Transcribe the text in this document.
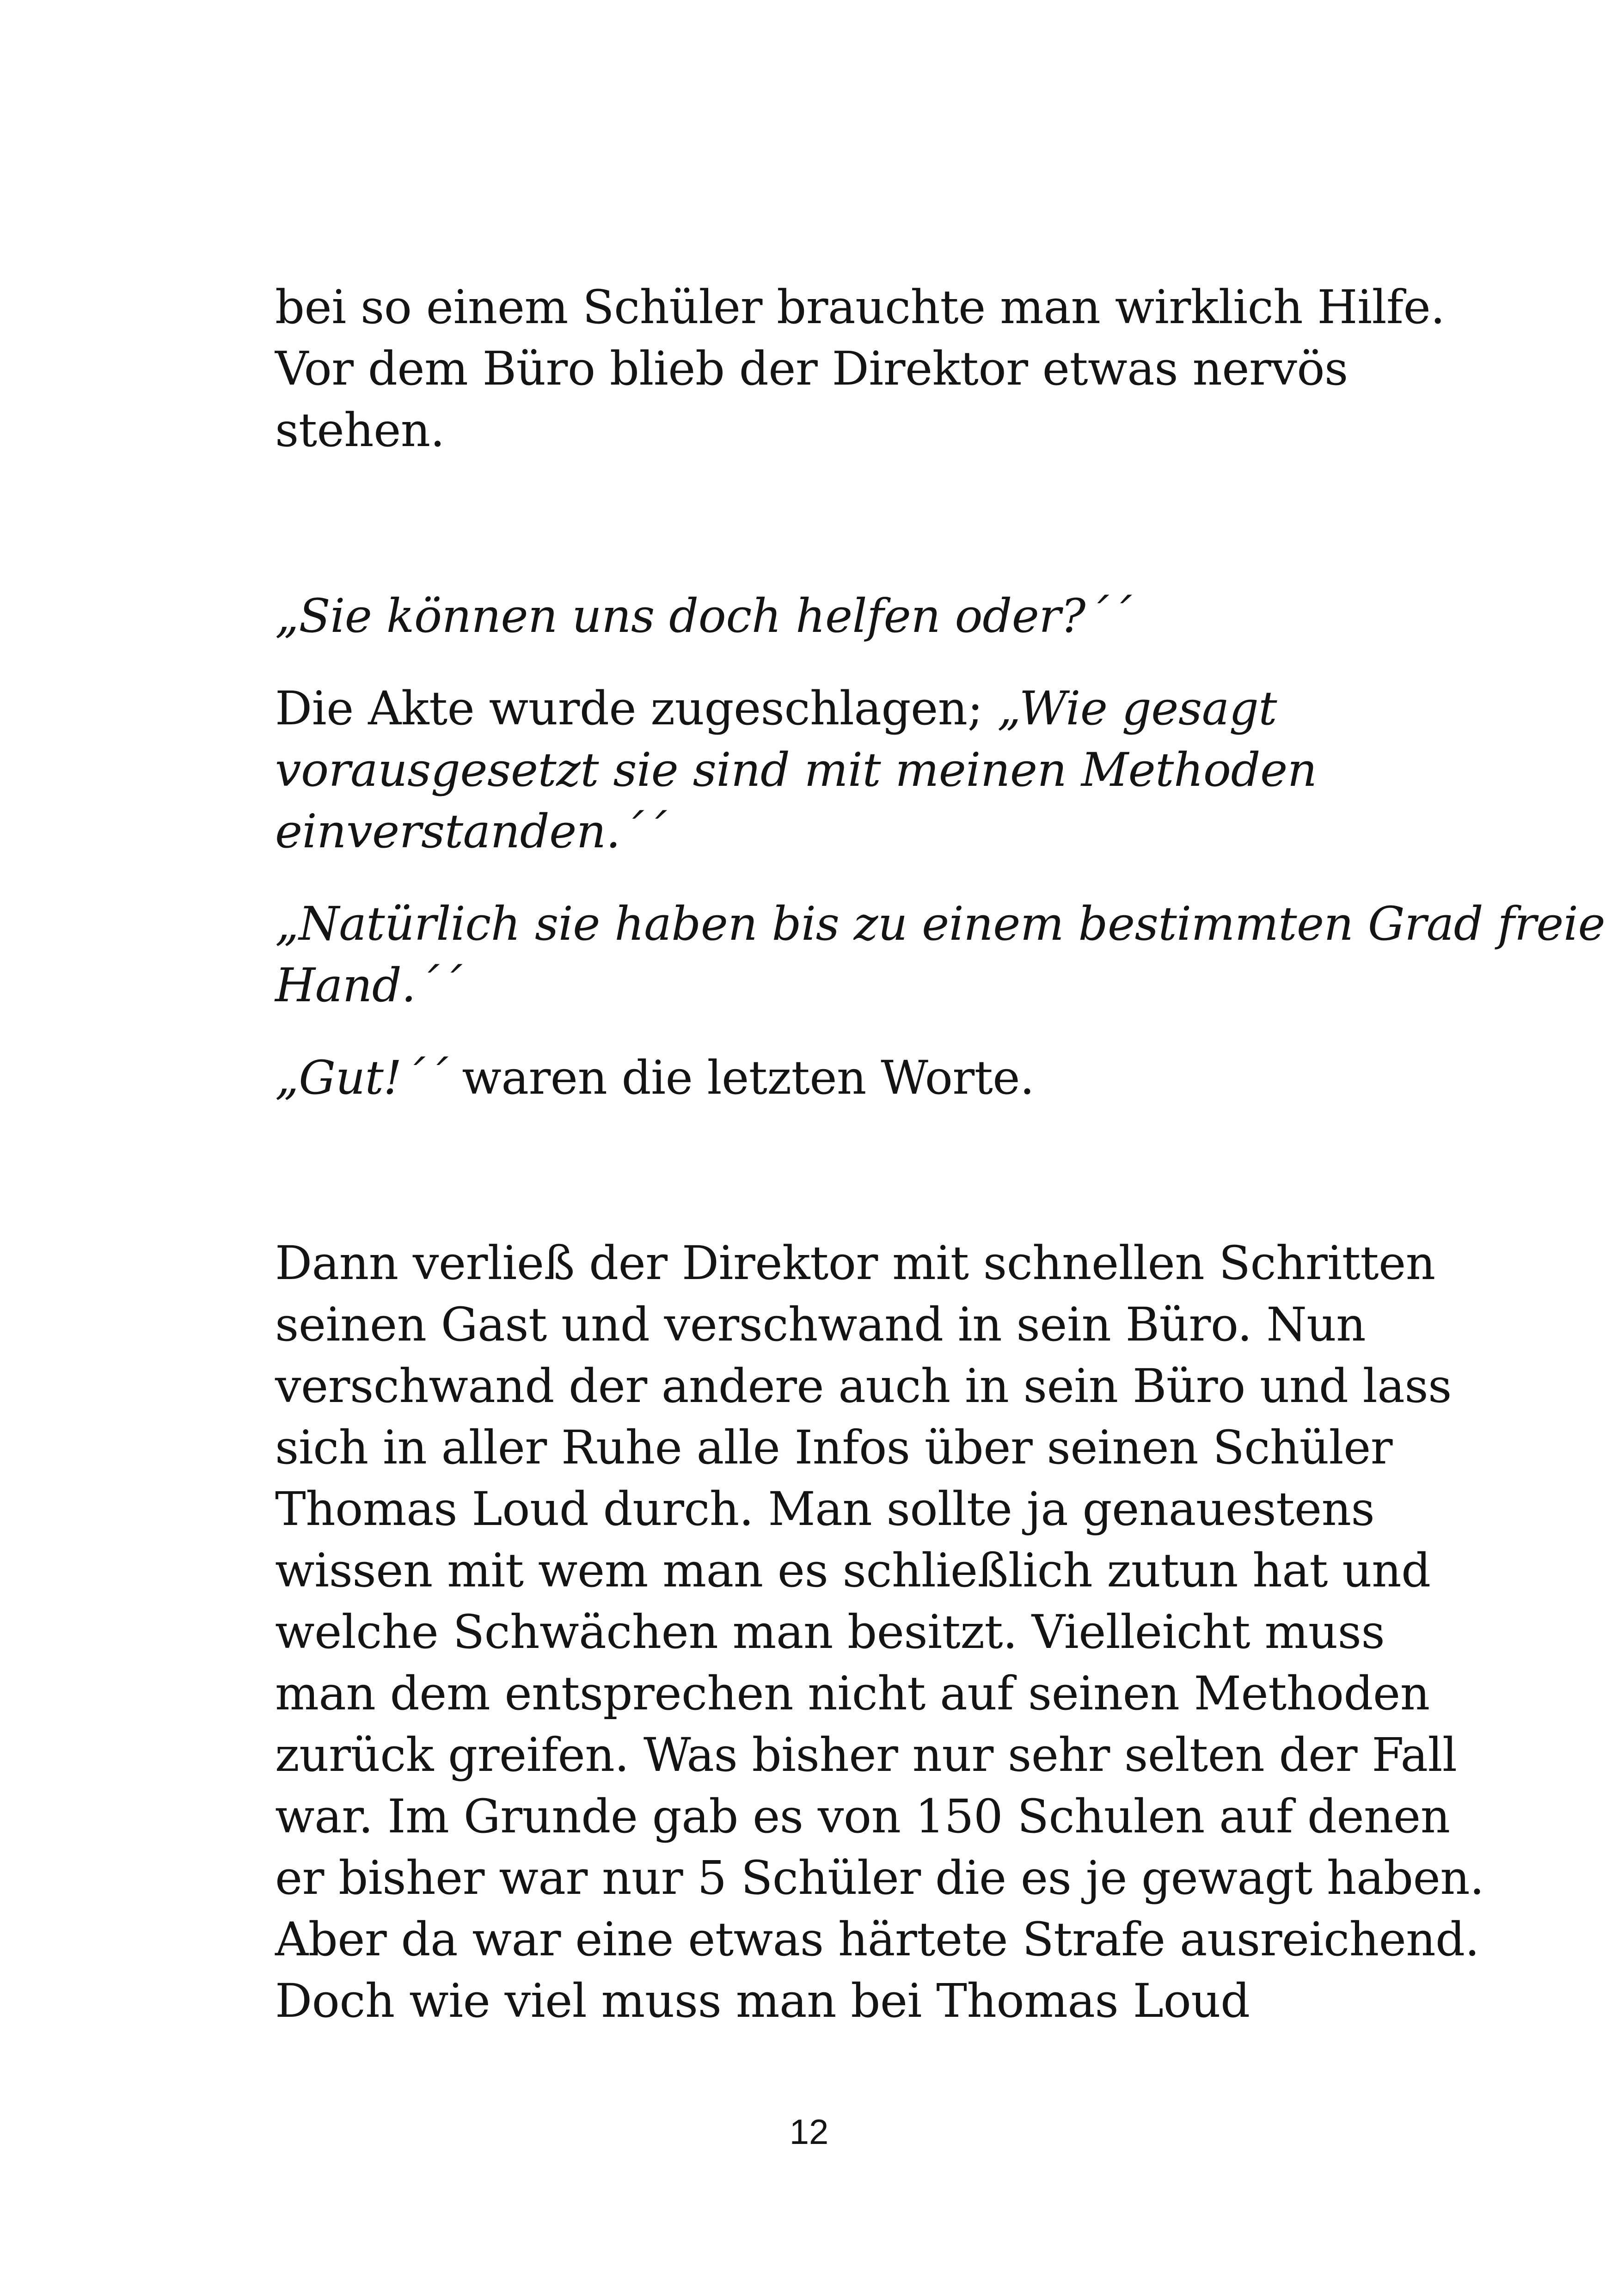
bei so einem Schüler brauchte man wirklich Hilfe.
Vor dem Büro blieb der Direktor etwas nervös
stehen.
„Sie können uns doch helfen oder?´´
Die Akte wurde zugeschlagen; „Wie gesagt
vorausgesetzt sie sind mit meinen Methoden
einverstanden.´´
„Natürlich sie haben bis zu einem bestimmten Grad freie
Hand.´´
„Gut!´´ waren die letzten Worte.
Dann verließ der Direktor mit schnellen Schritten
seinen Gast und verschwand in sein Büro. Nun
verschwand der andere auch in sein Büro und lass
sich in aller Ruhe alle Infos über seinen Schüler
Thomas Loud durch. Man sollte ja genauestens
wissen mit wem man es schließlich zutun hat und
welche Schwächen man besitzt. Vielleicht muss
man dem entsprechen nicht auf seinen Methoden
zurück greifen. Was bisher nur sehr selten der Fall
war. Im Grunde gab es von 150 Schulen auf denen
er bisher war nur 5 Schüler die es je gewagt haben.
Aber da war eine etwas härtete Strafe ausreichend.
Doch wie viel muss man bei Thomas Loud
12
